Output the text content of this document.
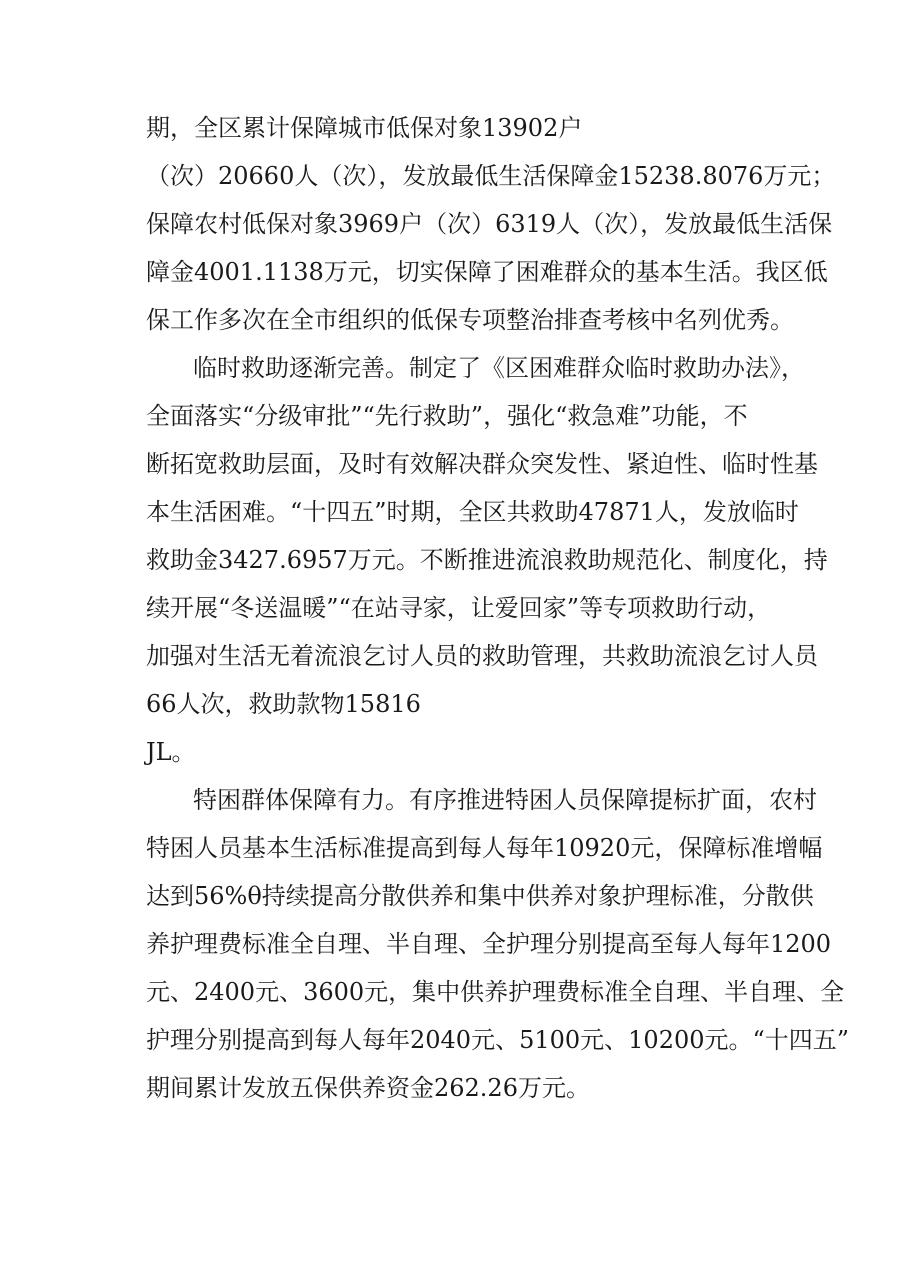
期，全区累计保障城市低保对象13902户
（次）20660人（次），发放最低生活保障金15238.8076万元；
保障农村低保对象3969户（次）6319人（次），发放最低生活保
障金4001.1138万元，切实保障了困难群众的基本生活。我区低
保工作多次在全市组织的低保专项整治排查考核中名列优秀。
临时救助逐渐完善。制定了《区困难群众临时救助办法》，
全面落实“分级审批”“先行救助”，强化“救急难”功能，不
断拓宽救助层面，及时有效解决群众突发性、紧迫性、临时性基
本生活困难。“十四五”时期，全区共救助47871人，发放临时
救助金3427.6957万元。不断推进流浪救助规范化、制度化，持
续开展“冬送温暖”“在站寻家，让爱回家”等专项救助行动，
加强对生活无着流浪乞讨人员的救助管理，共救助流浪乞讨人员
66人次，救助款物15816
JL。
特困群体保障有力。有序推进特困人员保障提标扩面，农村
特困人员基本生活标准提高到每人每年10920元，保障标准增幅
达到56%θ持续提高分散供养和集中供养对象护理标准，分散供
养护理费标准全自理、半自理、全护理分别提高至每人每年1200
元、2400元、3600元，集中供养护理费标准全自理、半自理、全
护理分别提高到每人每年2040元、5100元、10200元。“十四五”
期间累计发放五保供养资金262.26万元。
